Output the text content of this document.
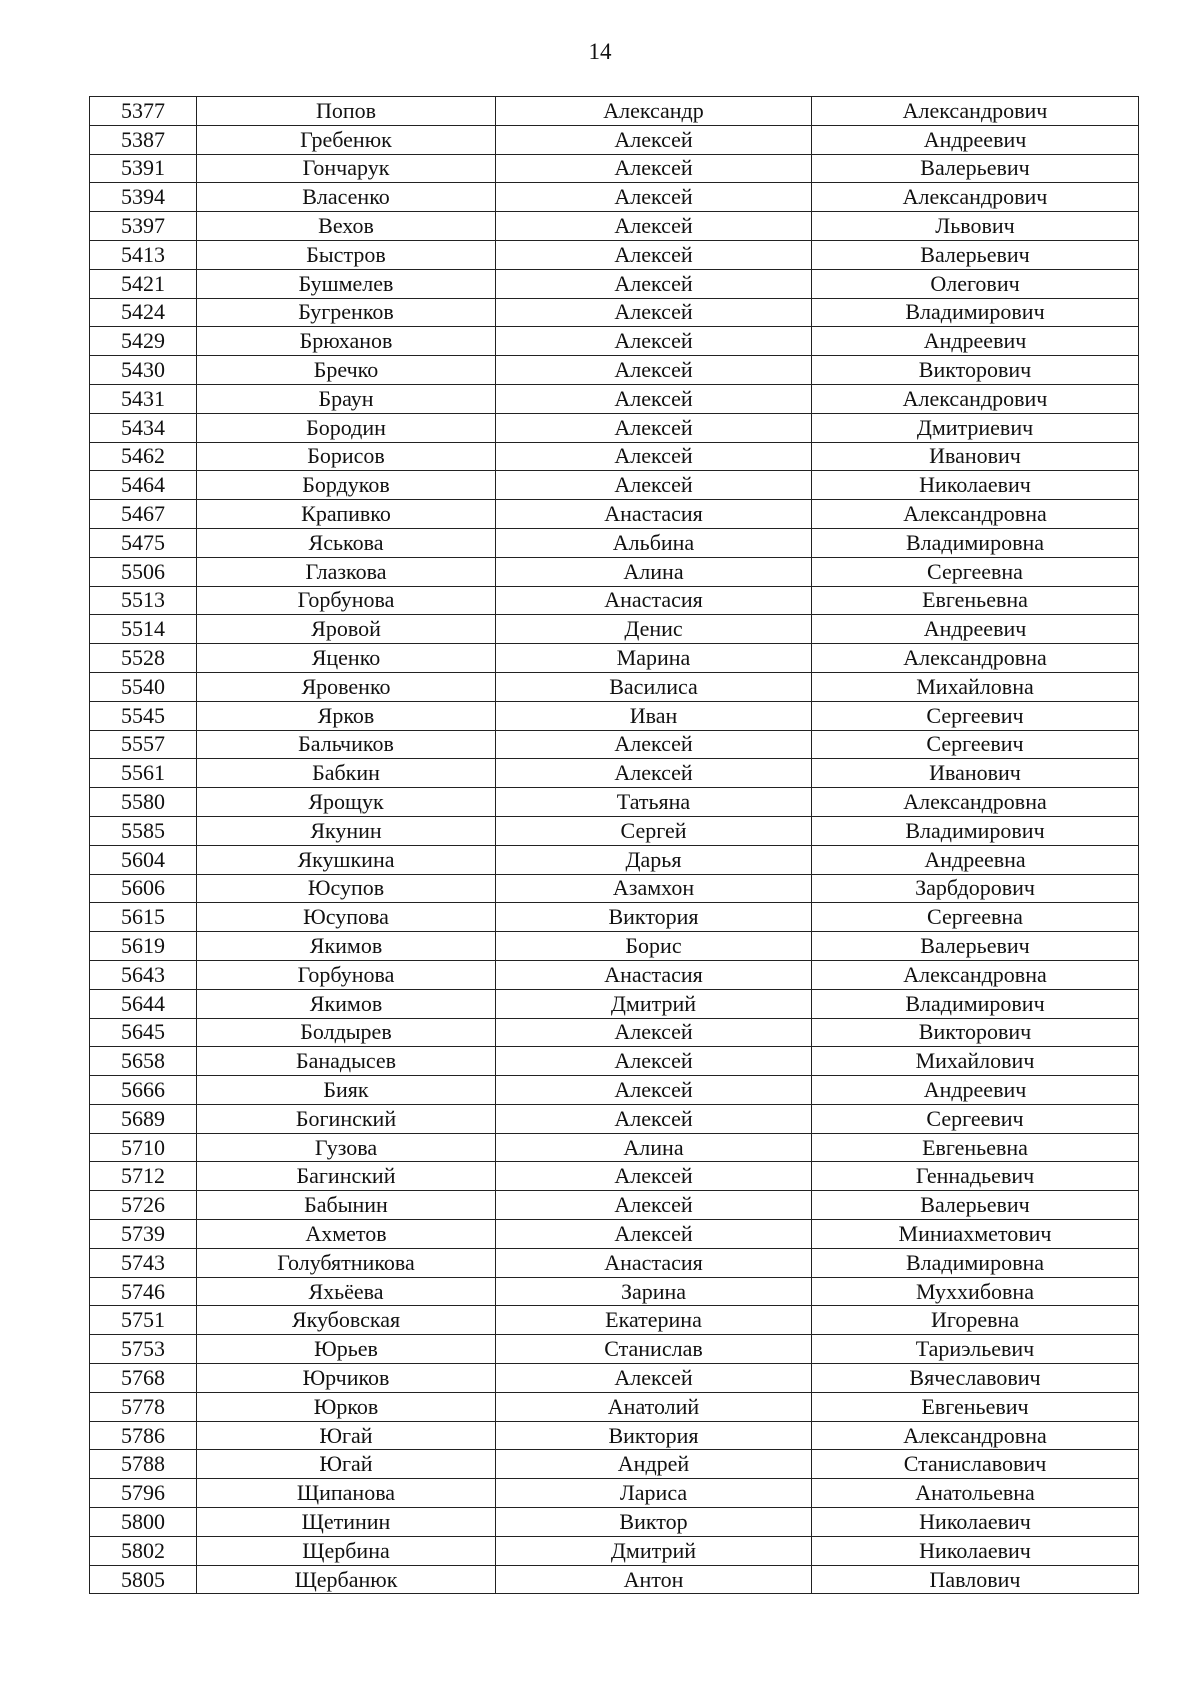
14
5377	Попов	Александр	Александрович
5387	Гребенюк	Алексей	Андреевич
5391	Гончарук	Алексей	Валерьевич
5394	Власенко	Алексей	Александрович
5397	Вехов	Алексей	Львович
5413	Быстров	Алексей	Валерьевич
5421	Бушмелев	Алексей	Олегович
5424	Бугренков	Алексей	Владимирович
5429	Брюханов	Алексей	Андреевич
5430	Бречко	Алексей	Викторович
5431	Браун	Алексей	Александрович
5434	Бородин	Алексей	Дмитриевич
5462	Борисов	Алексей	Иванович
5464	Бордуков	Алексей	Николаевич
5467	Крапивко	Анастасия	Александровна
5475	Яськова	Альбина	Владимировна
5506	Глазкова	Алина	Сергеевна
5513	Горбунова	Анастасия	Евгеньевна
5514	Яровой	Денис	Андреевич
5528	Яценко	Марина	Александровна
5540	Яровенко	Василиса	Михайловна
5545	Ярков	Иван	Сергеевич
5557	Бальчиков	Алексей	Сергеевич
5561	Бабкин	Алексей	Иванович
5580	Ярощук	Татьяна	Александровна
5585	Якунин	Сергей	Владимирович
5604	Якушкина	Дарья	Андреевна
5606	Юсупов	Азамхон	Зарбдорович
5615	Юсупова	Виктория	Сергеевна
5619	Якимов	Борис	Валерьевич
5643	Горбунова	Анастасия	Александровна
5644	Якимов	Дмитрий	Владимирович
5645	Болдырев	Алексей	Викторович
5658	Банадысев	Алексей	Михайлович
5666	Бияк	Алексей	Андреевич
5689	Богинский	Алексей	Сергеевич
5710	Гузова	Алина	Евгеньевна
5712	Багинский	Алексей	Геннадьевич
5726	Бабынин	Алексей	Валерьевич
5739	Ахметов	Алексей	Миниахметович
5743	Голубятникова	Анастасия	Владимировна
5746	Яхьёева	Зарина	Муххибовна
5751	Якубовская	Екатерина	Игоревна
5753	Юрьев	Станислав	Тариэльевич
5768	Юрчиков	Алексей	Вячеславович
5778	Юрков	Анатолий	Евгеньевич
5786	Югай	Виктория	Александровна
5788	Югай	Андрей	Станиславович
5796	Щипанова	Лариса	Анатольевна
5800	Щетинин	Виктор	Николаевич
5802	Щербина	Дмитрий	Николаевич
5805	Щербанюк	Антон	Павлович
